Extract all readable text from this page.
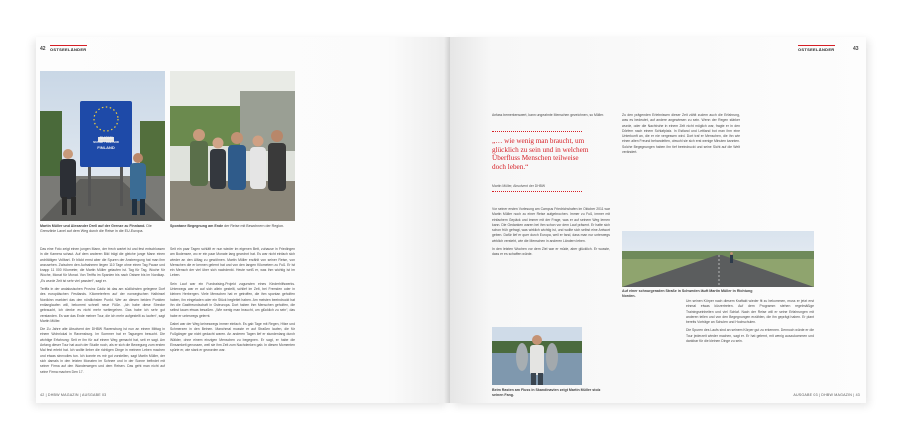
42 OSTSEELÄNDER
SUOMI
SUOMI • FINLAND
FINLAND
Martin Müller und Alexander Drell auf der Grenze zu Finnland. Die Grenzlinie Lavel auf dem Weg durch die Reise in die EU-Europa.
Spontane Begegnung am Ende der Reise mit Bewohnern der Region.

Das eine Foto zeigt einen jungen Mann, der frech wartet ist und fest entschlossen in die Kamera schaut. Auf dem anderen Bild trägt die gleiche junge Mann einen wohltätigen Vollbart. Er blickt ernst aber die Spuren der Anstrengung hat man ihm anzusehen. Zwischen den Aufnahmen liegen 110 Tage ohne einen Tag Pause und knapp 11 000 Kilometer, die Martin Müller gelaufen ist. Tag für Tag, Woche für Woche, Monat für Monat. Von Teriffa im Spanien bis nach Ostsee bis im Nordkap. „Es wurde Zeit ist sehr viel passiert“, sagt er.

Teriffa in der andalusischen Provinz Cádiz ist das am südlichsten gelegene Dorf des europäischen Festlands. Kilometerfern auf der norwegischen Halbinsel Nordkinn markiert das den nördlichsten Punkt. Wer an diesen beiden Punkten entlanglaufen will, bekommt schnell neue Füße. „Ich habe diese Strecke gebraucht, ich denke es nicht mehr weitergehen. Das habe ich sehr gut verstanden. Es war das Ende meiner Tour, die ich mehr aufgestellt zu laufen“, sagt Martin Müller.

Die Zu Jahre alte Absolvent der DHBW Ravensburg ist nun an einem Mittag in einem Wohnlokal in Ravensburg. Im Sommer hat er Tagungen besucht. Die wichtige Erfahrung: Seit er ihn für auf einem Weg gemacht hat, seit er sagt. Am Anfang dieser Tour hat auch der Studie noch, als er sich die Bewegung zum ersten Mal fest erlebt hat. Ich wollte lieber die richtigen Dinge in meinem Leben machen und etwas sinnvolles tun. Ich konnte es mir gut vorstellen, sagt Martin Müller, der sich damals in den letzten Monaten im Schnee und in der Sonne befindet mit seiner Firma auf den Wanderwegen und dem Reisen. Das geht man nicht auf seine Firma machen Den 17.

Seit ein paar Tagen schläft er nun wieder im eigenen Bett, zuhause in Friedingen am Bodensee, wo er ein paar Monate lang gewohnt hat. Es war nicht einfach sich wieder an den Alltag zu gewöhnen. Martin Müller erzählt von seiner Reise, von Menschen die er kennen gelernt hat und von den langen Kilometern zu Fuß. Er ist ein Mensch der viel über sich nachdenkt. Heute weiß er, was ihm wichtig ist im Leben.

Sein Lauf war ein Fundraising-Projekt zugunsten eines Kinderhilfswerks. Unterwegs war er auf sich allein gestellt, schlief im Zelt, bei Fremden oder in kleinen Herbergen. Viele Menschen hat er getroffen, die ihm spontan geholfen haben, ihn eingeladen oder ein Stück begleitet haben. Am meisten beeindruckt hat ihn die Gastfreundschaft in Osteuropa. Dort haben ihm Menschen geholfen, die selbst kaum etwas besaßen. „Wie wenig man braucht, um glücklich zu sein“, das habe er unterwegs gelernt.

Dabei war der Weg keineswegs immer einfach. Es gab Tage mit Regen, Hitze und Schmerzen in den Beinen. Manchmal musste er auf Straßen laufen, die für Fußgänger gar nicht gedacht waren. An anderen Tagen lief er stundenlang durch Wälder, ohne einem einzigen Menschen zu begegnen. Er sagt, er habe die Einsamkeit genossen, weil sie ihm Zeit zum Nachdenken gab. In diesen Momenten spürte er, wie stark er geworden war.

42 | DHBW MAGAZIN | AUSGABE 03
OSTSEELÄNDER	43
Anfass bemerkenswert, kann ungeahnte Menschen gezeichnen, so Müller.
„… wie wenig man braucht, um glücklich zu sein und in welchem Überfluss Menschen teilweise doch leben.“
Martin Müller, Absolvent der DHBW

Vor seiner ersten Vorlesung am Campus Friedrichshafen im Oktober 2011 war Martin Müller noch zu einer Reise aufgebrochen. Immer zu Fuß, immer mit einfachem Gepäck und immer mit der Frage, was er auf seinem Weg lernen kann. Die Gedanken waren bei ihm schon vor dem Lauf präsent. Er hatte sich schon früh gefragt, was wirklich wichtig ist, und wollte sich selbst eine Antwort geben. Dafür lief er quer durch Europa, weil er fand, dass man nur unterwegs wirklich versteht, wie die Menschen in anderen Ländern leben.

In den letzten Wochen vor dem Ziel war er müde, aber glücklich. Er wusste, dass er es schaffen würde.

Beim Rasten am Fluss in Skandinavien zeigt Martin Müller stolz seinen Fang.

Zu den prägenden Erlebnissen dieser Zeit zählt zudem auch die Erfahrung, was es bedeutet, auf andere angewiesen zu sein. Wenn der Regen stärker wurde, oder die Nachtruhe in einem Zelt nicht möglich war, fragte er in den Dörfern nach einem Schlafplatz. In Estland und Lettland bot man ihm eine Unterkunft an, die er nie vergessen wird. Dort traf er Menschen, die ihn wie einen alten Freund behandelten, obwohl sie sich erst wenige Minuten kannten. Solche Begegnungen haben ihn tief beeindruckt und seine Sicht auf die Welt verändert.

Auf einer schnurgeraden Straße in Schweden läuft Martin Müller in Richtung Norden.

Um seinen Körper nach diesem Kraftakt wieder fit zu bekommen, muss er jetzt erst einmal etwas kürzertreten. Auf dem Programm stehen regelmäßige Trainingseinheiten und viel Schlaf. Nach der Reise will er seine Erfahrungen mit anderen teilen und von den Begegnungen erzählen, die ihn geprägt haben. Er plant bereits Vorträge an Schulen und Hochschulen.

Die Spuren des Laufs sind an seinem Körper gut zu erkennen. Dennoch würde er die Tour jederzeit wieder machen, sagt er. Er hat gelernt, mit wenig auszukommen und dankbar für die kleinen Dinge zu sein.

AUSGABE 03 | DHBW MAGAZIN | 43
